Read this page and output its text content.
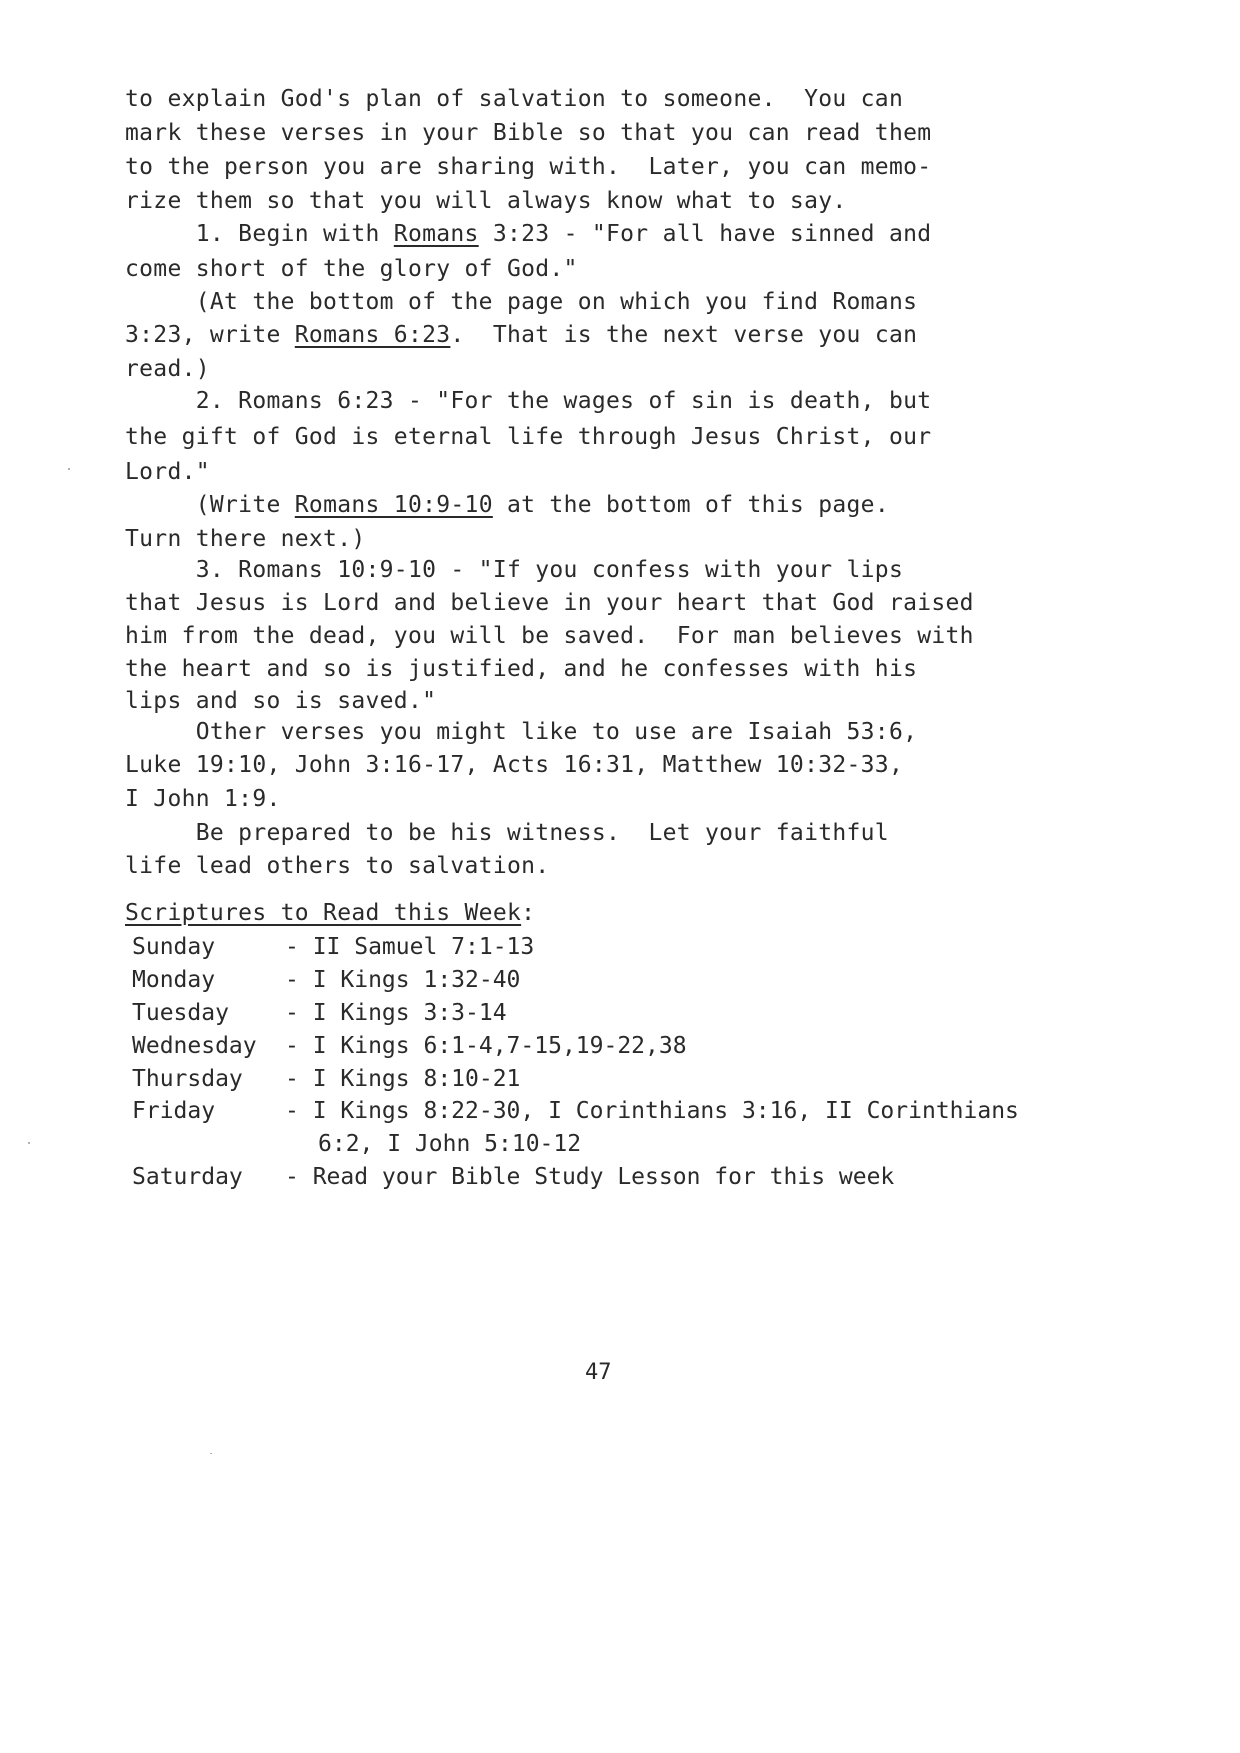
to explain God's plan of salvation to someone.  You can
mark these verses in your Bible so that you can read them
to the person you are sharing with.  Later, you can memo-
rize them so that you will always know what to say.
1. Begin with Romans 3:23 - "For all have sinned and
come short of the glory of God."
(At the bottom of the page on which you find Romans
3:23, write Romans 6:23.  That is the next verse you can
read.)
2. Romans 6:23 - "For the wages of sin is death, but
the gift of God is eternal life through Jesus Christ, our
Lord."
(Write Romans 10:9-10 at the bottom of this page.
Turn there next.)
3. Romans 10:9-10 - "If you confess with your lips
that Jesus is Lord and believe in your heart that God raised
him from the dead, you will be saved.  For man believes with
the heart and so is justified, and he confesses with his
lips and so is saved."
Other verses you might like to use are Isaiah 53:6,
Luke 19:10, John 3:16-17, Acts 16:31, Matthew 10:32-33,
I John 1:9.
Be prepared to be his witness.  Let your faithful
life lead others to salvation.
Scriptures to Read this Week:
Sunday	- II Samuel 7:1-13
Monday	- I Kings 1:32-40
Tuesday - I Kings 3:3-14
Wednesday - I Kings 6:1-4,7-15,19-22,38
Thursday - I Kings 8:10-21
Friday	- I Kings 8:22-30, I Corinthians 3:16, II Corinthians
6:2, I John 5:10-12
Saturday - Read your Bible Study Lesson for this week
47
